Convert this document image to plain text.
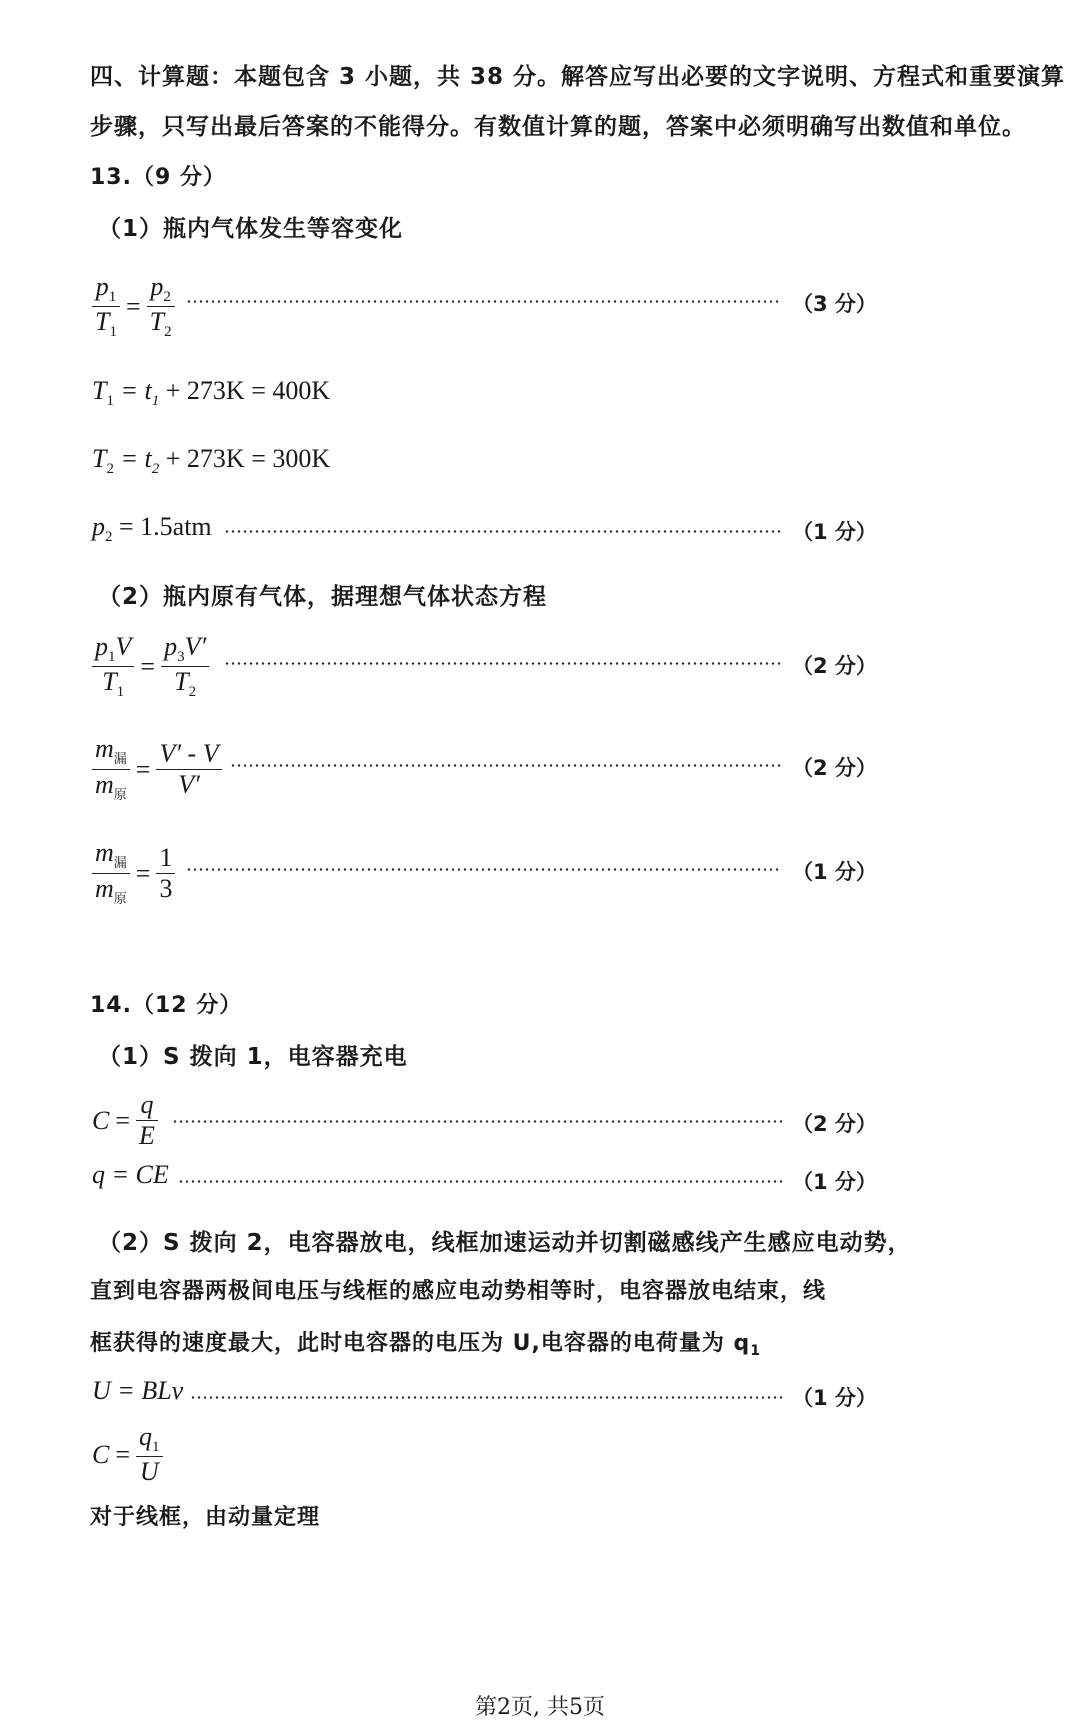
四、计算题：本题包含 3 小题，共 38 分。解答应写出必要的文字说明、方程式和重要演算
步骤，只写出最后答案的不能得分。有数值计算的题，答案中必须明确写出数值和单位。
13.（9 分）
（1）瓶内气体发生等容变化
$\frac{p_1}{T_1} = \frac{p_2}{T_2}$	（3 分）
$T_1 = t_1 + 273K = 400K$
$T_2 = t_2 + 273K = 300K$
$p_2 = 1.5atm$	（1 分）
（2）瓶内原有气体，据理想气体状态方程
$\frac{p_1V}{T_1} = \frac{p_3V'}{T_2}$	（2 分）
$\frac{m_漏}{m_原} = \frac{V' - V}{V'}$	（2 分）
$\frac{m_漏}{m_原} = \frac{1}{3}$	（1 分）
14.（12 分）
（1）S 拨向 1，电容器充电
$C = \frac{q}{E}$	（2 分）
q = CE	（1 分）
（2）S 拨向 2，电容器放电，线框加速运动并切割磁感线产生感应电动势，
直到电容器两极间电压与线框的感应电动势相等时，电容器放电结束，线
框获得的速度最大，此时电容器的电压为 U,电容器的电荷量为 $q_1$
U = BLv	（1 分）
$C = \frac{q_1}{U}$
对于线框，由动量定理
第2页, 共5页
